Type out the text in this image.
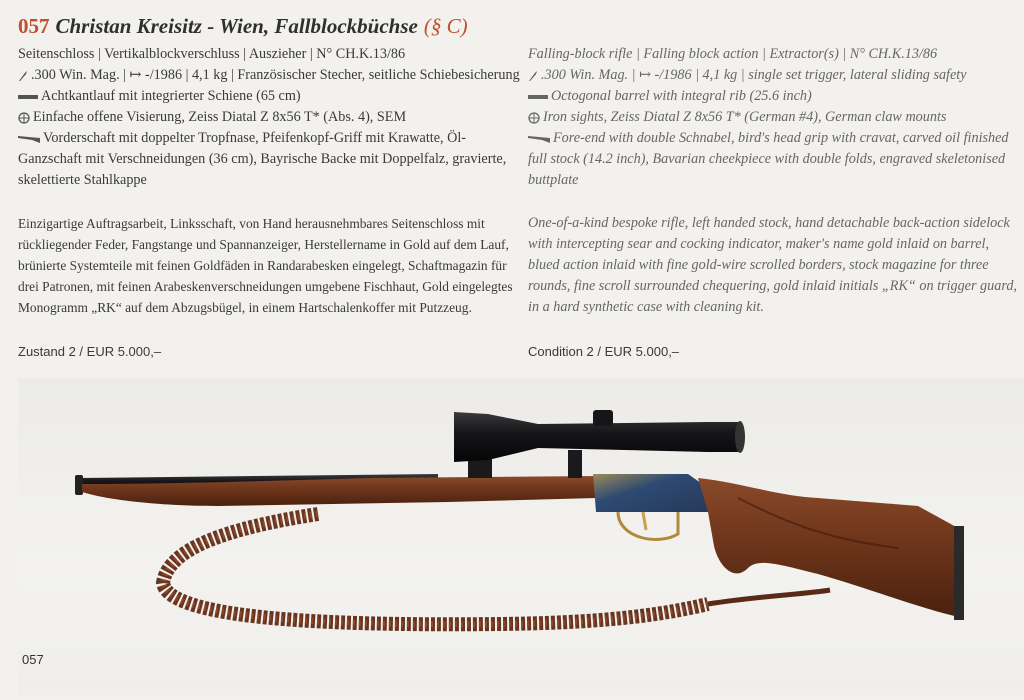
057 Christan Kreisitz - Wien, Fallblockbüchse (§ C)
Seitenschloss | Vertikalblockverschluss | Auszieher | N° CH.K.13/86
.300 Win. Mag. | ↦ -/1986 | 4,1 kg | Französischer Stecher, seitliche Schiebesicherung
Achtkantlauf mit integrierter Schiene (65 cm)
Einfache offene Visierung, Zeiss Diatal Z 8x56 T* (Abs. 4), SEM
Vorderschaft mit doppelter Tropfnase, Pfeifenkopf-Griff mit Krawatte, Öl-Ganzschaft mit Verschneidungen (36 cm), Bayrische Backe mit Doppelfalz, gravierte, skelettierte Stahlkappe
Einzigartige Auftragsarbeit, Linksschaft, von Hand herausnehmbares Seitenschloss mit rückliegender Feder, Fangstange und Spannanzeiger, Herstellername in Gold auf dem Lauf, brünierte Systemteile mit feinen Goldfäden in Randarabesken eingelegt, Schaftmagazin für drei Patronen, mit feinen Arabeskenverschneidungen umgebene Fischhaut, Gold eingelegtes Monogramm „RK“ auf dem Abzugsbügel, in einem Hartschalenkoffer mit Putzzeug.
Falling-block rifle | Falling block action | Extractor(s) | N° CH.K.13/86
.300 Win. Mag. | ↦ -/1986 | 4,1 kg | single set trigger, lateral sliding safety
Octogonal barrel with integral rib (25.6 inch)
Iron sights, Zeiss Diatal Z 8x56 T* (German #4), German claw mounts
Fore-end with double Schnabel, bird's head grip with cravat, carved oil finished full stock (14.2 inch), Bavarian cheekpiece with double folds, engraved skeletonised buttplate
One-of-a-kind bespoke rifle, left handed stock, hand detachable back-action sidelock with intercepting sear and cocking indicator, maker's name gold inlaid on barrel, blued action inlaid with fine gold-wire scrolled borders, stock magazine for three rounds, fine scroll surrounded chequering, gold inlaid initials „RK“ on trigger guard, in a hard synthetic case with cleaning kit.
Zustand 2 / EUR 5.000,–	Condition 2 / EUR 5.000,–
057
